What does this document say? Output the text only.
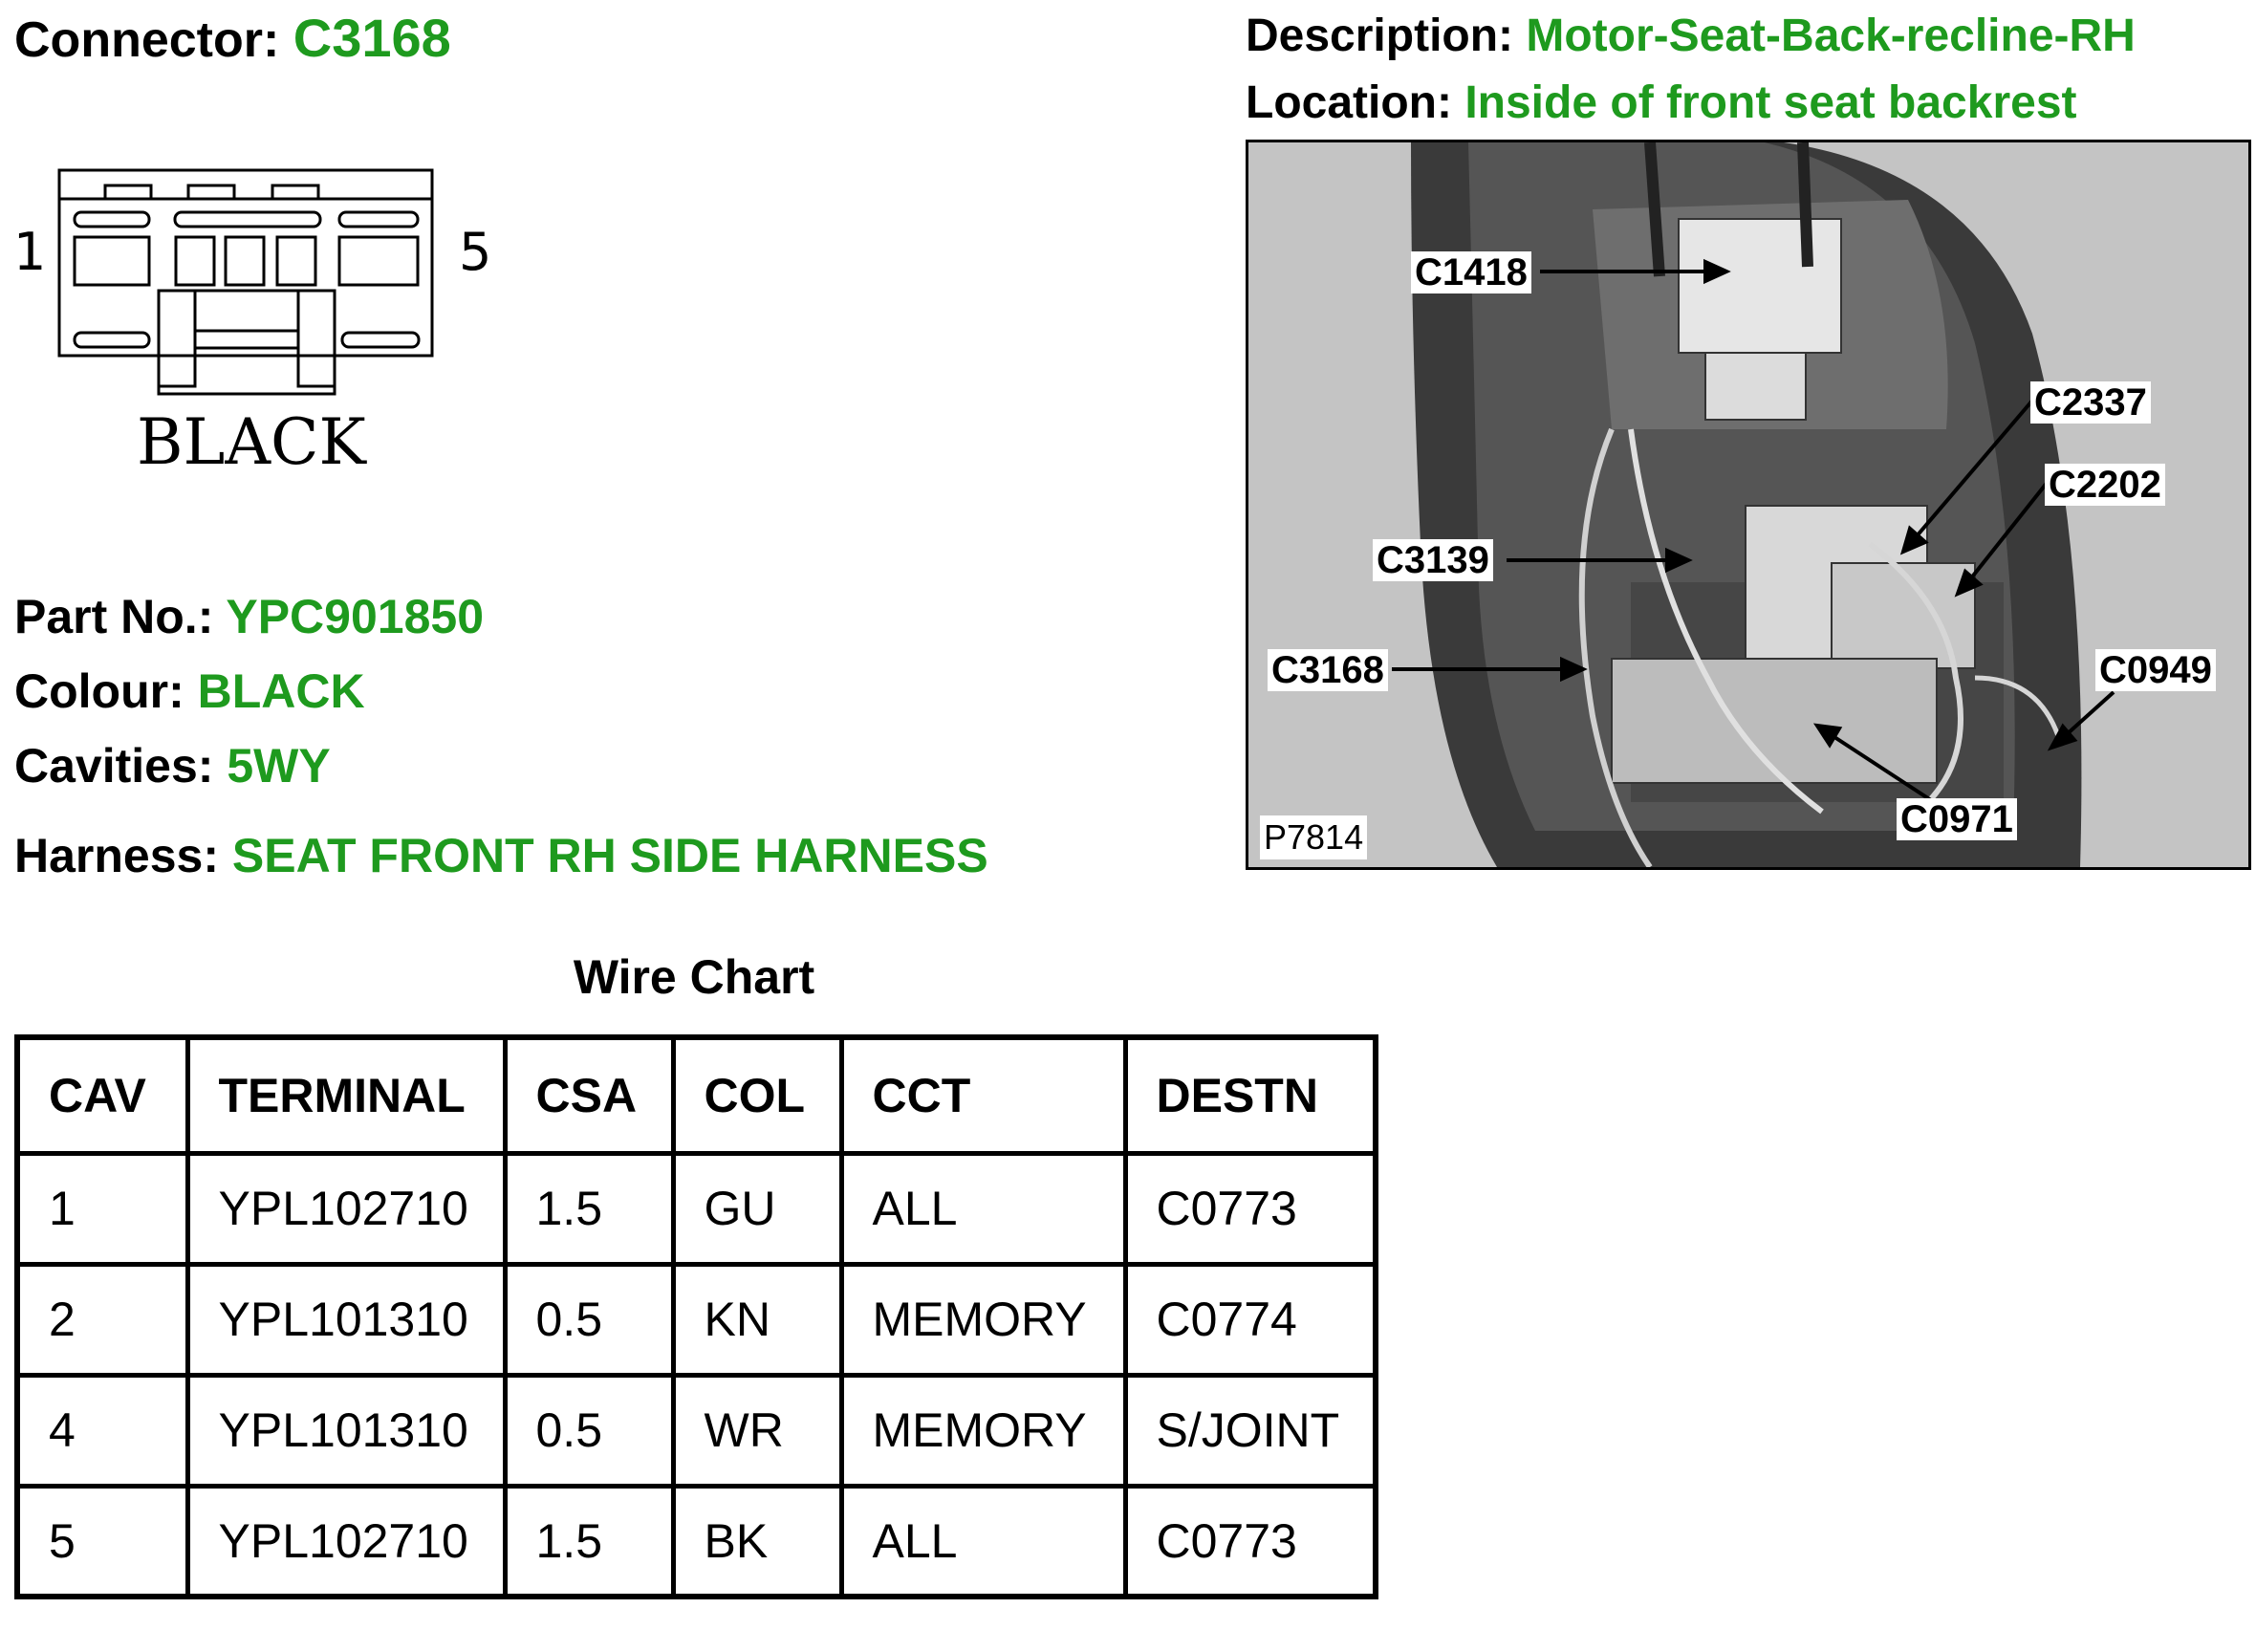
Connector: C3168	Description: Motor-Seat-Back-recline-RH
Location: Inside of front seat backrest
1	5
BLACK
Part No.: YPC901850
Colour: BLACK
Cavities: 5WY
Harness: SEAT FRONT RH SIDE HARNESS
C1418
C2337
C2202
C3139
C3168	C0949
C0971
P7814
Wire Chart
CAV	TERMINAL	CSA	COL	CCT	DESTN
1	YPL102710	1.5	GU	ALL	C0773
2	YPL101310	0.5	KN	MEMORY	C0774
4	YPL101310	0.5	WR	MEMORY	S/JOINT
5	YPL102710	1.5	BK	ALL	C0773
